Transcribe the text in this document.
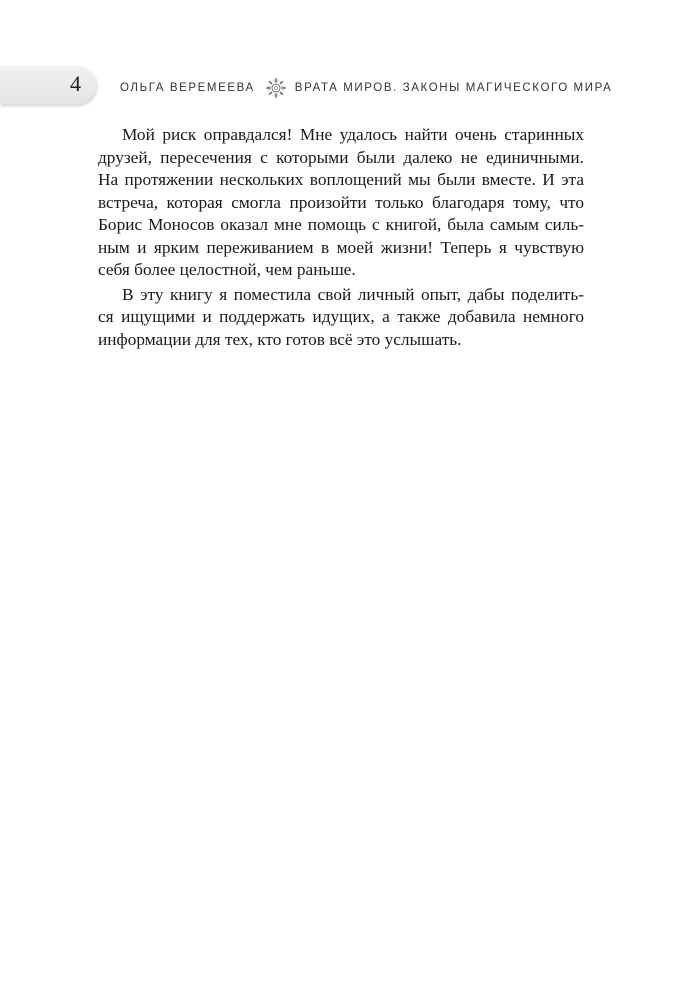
4	ОЛЬГА ВЕРЕМЕЕВА	ВРАТА МИРОВ. ЗАКОНЫ МАГИЧЕСКОГО МИРА
Мой риск оправдался! Мне удалось найти очень старинных
друзей, пересечения с которыми были далеко не единичными.
На протяжении нескольких воплощений мы были вместе. И эта
встреча, которая смогла произойти только благодаря тому, что
Борис Моносов оказал мне помощь с книгой, была самым силь-
ным и ярким переживанием в моей жизни! Теперь я чувствую
себя более целостной, чем раньше.
В эту книгу я поместила свой личный опыт, дабы поделить-
ся ищущими и поддержать идущих, а также добавила немного
информации для тех, кто готов всё это услышать.
